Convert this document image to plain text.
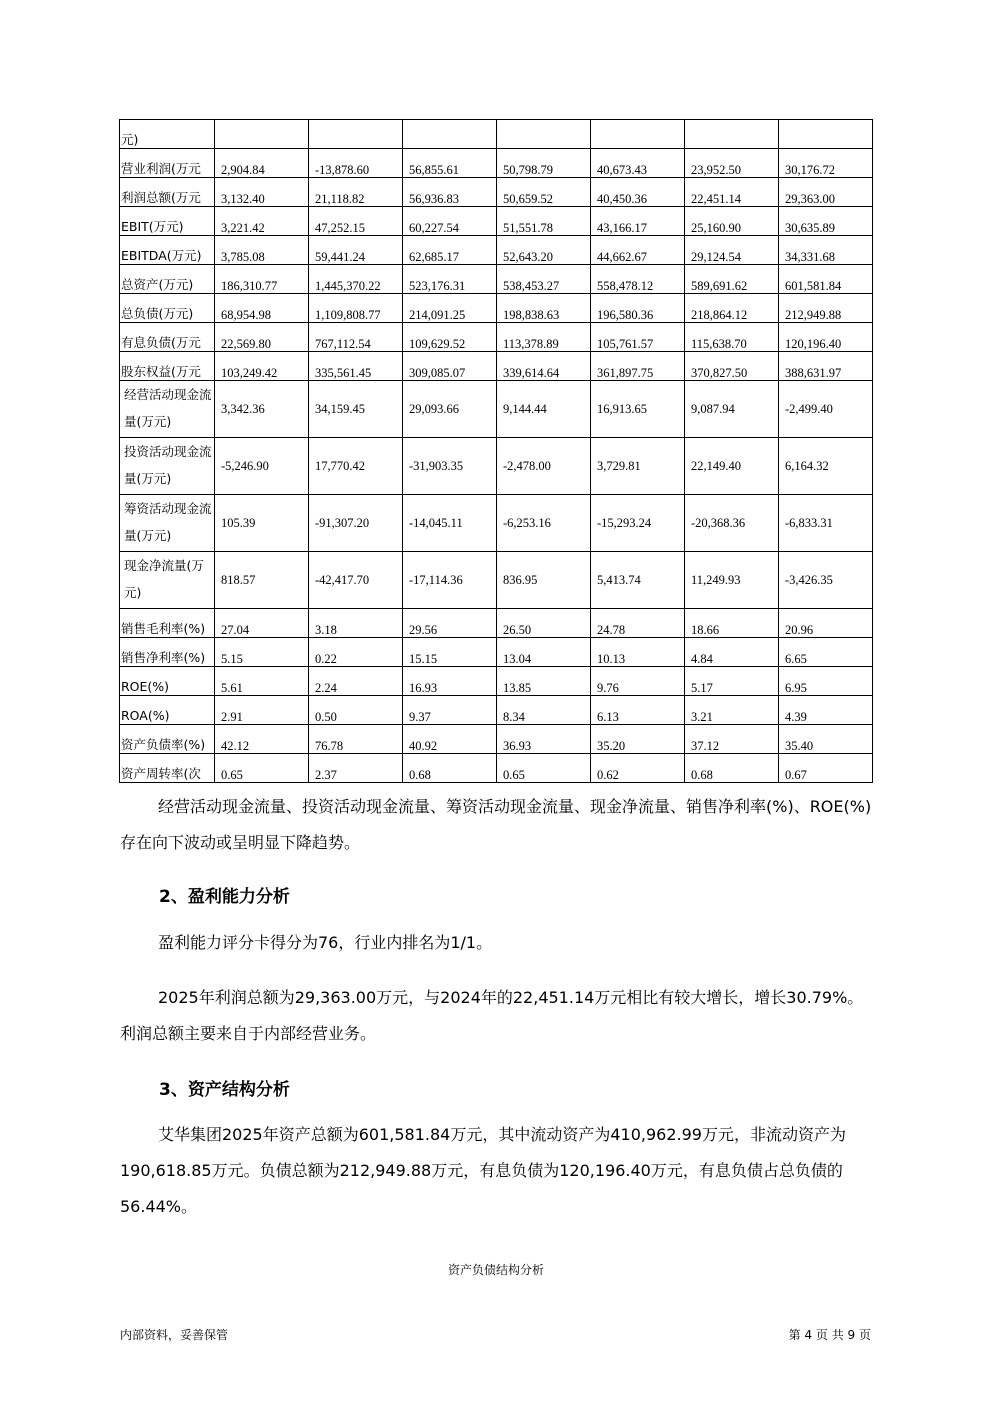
元)							
营业利润(万元	2,904.84	-13,878.60	56,855.61	50,798.79	40,673.43	23,952.50	30,176.72
利润总额(万元	3,132.40	21,118.82	56,936.83	50,659.52	40,450.36	22,451.14	29,363.00
EBIT(万元)	3,221.42	47,252.15	60,227.54	51,551.78	43,166.17	25,160.90	30,635.89
EBITDA(万元)	3,785.08	59,441.24	62,685.17	52,643.20	44,662.67	29,124.54	34,331.68
总资产(万元)	186,310.77	1,445,370.22	523,176.31	538,453.27	558,478.12	589,691.62	601,581.84
总负债(万元)	68,954.98	1,109,808.77	214,091.25	198,838.63	196,580.36	218,864.12	212,949.88
有息负债(万元	22,569.80	767,112.54	109,629.52	113,378.89	105,761.57	115,638.70	120,196.40
股东权益(万元	103,249.42	335,561.45	309,085.07	339,614.64	361,897.75	370,827.50	388,631.97
经营活动现金流量(万元)	3,342.36	34,159.45	29,093.66	9,144.44	16,913.65	9,087.94	-2,499.40
投资活动现金流量(万元)	-5,246.90	17,770.42	-31,903.35	-2,478.00	3,729.81	22,149.40	6,164.32
筹资活动现金流量(万元)	105.39	-91,307.20	-14,045.11	-6,253.16	-15,293.24	-20,368.36	-6,833.31
现金净流量(万元)	818.57	-42,417.70	-17,114.36	836.95	5,413.74	11,249.93	-3,426.35
销售毛利率(%)	27.04	3.18	29.56	26.50	24.78	18.66	20.96
销售净利率(%)	5.15	0.22	15.15	13.04	10.13	4.84	6.65
ROE(%)	5.61	2.24	16.93	13.85	9.76	5.17	6.95
ROA(%)	2.91	0.50	9.37	8.34	6.13	3.21	4.39
资产负债率(%)	42.12	76.78	40.92	36.93	35.20	37.12	35.40
资产周转率(次	0.65	2.37	0.68	0.65	0.62	0.68	0.67

经营活动现金流量、投资活动现金流量、筹资活动现金流量、现金净流量、销售净利率(%)、ROE(%)存在向下波动或呈明显下降趋势。

2、盈利能力分析

盈利能力评分卡得分为76，行业内排名为1/1。

2025年利润总额为29,363.00万元，与2024年的22,451.14万元相比有较大增长，增长30.79%。利润总额主要来自于内部经营业务。

3、资产结构分析

艾华集团2025年资产总额为601,581.84万元，其中流动资产为410,962.99万元，非流动资产为190,618.85万元。负债总额为212,949.88万元，有息负债为120,196.40万元，有息负债占总负债的56.44%。

资产负债结构分析
内部资料，妥善保管	第 4 页 共 9 页
